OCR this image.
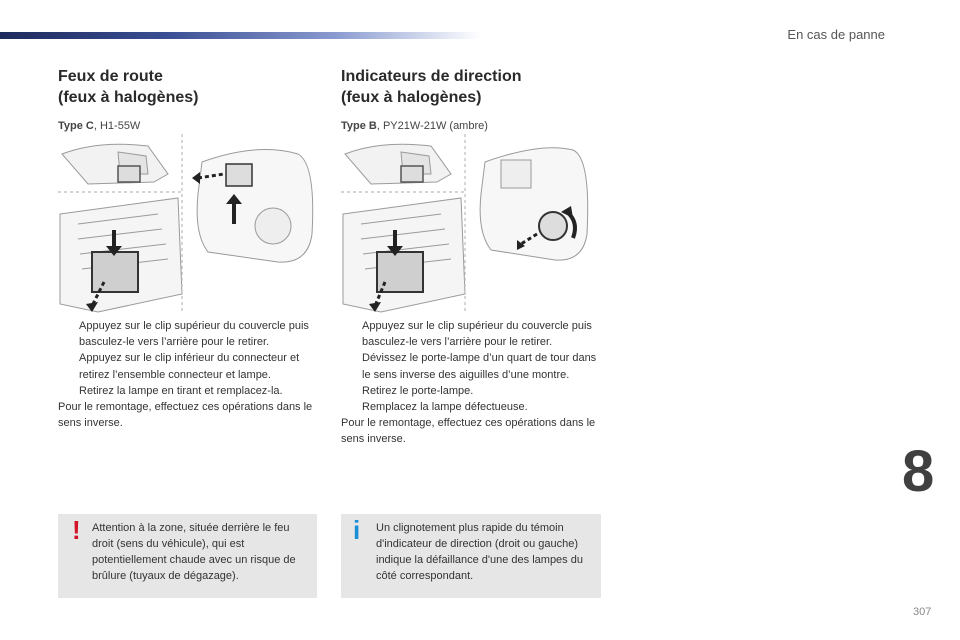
En cas de panne
Feux de route
(feux à halogènes)
Type C, H1-55W
Appuyez sur le clip supérieur du couvercle puis basculez-le vers l’arrière pour le retirer.
Appuyez sur le clip inférieur du connecteur et retirez l’ensemble connecteur et lampe.
Retirez la lampe en tirant et remplacez-la.
Pour le remontage, effectuez ces opérations dans le sens inverse.
Indicateurs de direction
(feux à halogènes)
Type B, PY21W-21W (ambre)
Appuyez sur le clip supérieur du couvercle puis basculez-le vers l’arrière pour le retirer.
Dévissez le porte-lampe d’un quart de tour dans le sens inverse des aiguilles d’une montre.
Retirez le porte-lampe.
Remplacez la lampe défectueuse.
Pour le remontage, effectuez ces opérations dans le sens inverse.
! Attention à la zone, située derrière le feu droit (sens du véhicule), qui est potentiellement chaude avec un risque de brûlure (tuyaux de dégazage).
i Un clignotement plus rapide du témoin d'indicateur de direction (droit ou gauche) indique la défaillance d'une des lampes du côté correspondant.
8
307
